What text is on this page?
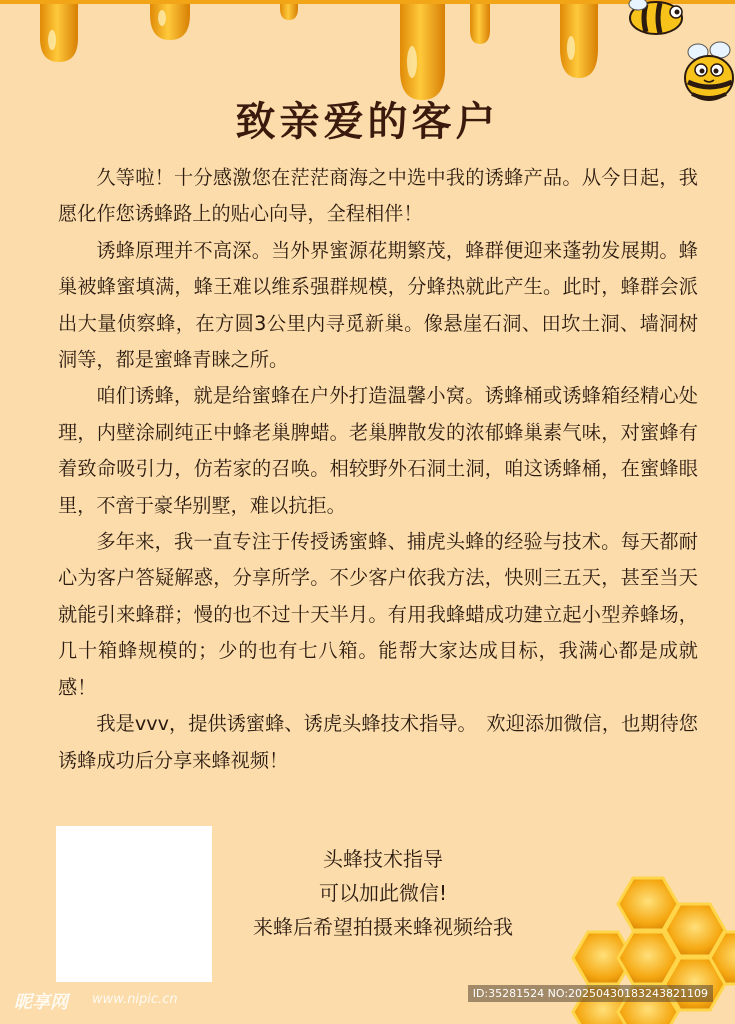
致亲爱的客户

久等啦！十分感激您在茫茫商海之中选中我的诱蜂产品。从今日起，我愿化作您诱蜂路上的贴心向导，全程相伴！

诱蜂原理并不高深。当外界蜜源花期繁茂，蜂群便迎来蓬勃发展期。蜂巢被蜂蜜填满，蜂王难以维系强群规模，分蜂热就此产生。此时，蜂群会派出大量侦察蜂，在方圆3公里内寻觅新巢。像悬崖石洞、田坎土洞、墙洞树洞等，都是蜜蜂青睐之所。

咱们诱蜂，就是给蜜蜂在户外打造温馨小窝。诱蜂桶或诱蜂箱经精心处理，内壁涂刷纯正中蜂老巢脾蜡。老巢脾散发的浓郁蜂巢素气味，对蜜蜂有着致命吸引力，仿若家的召唤。相较野外石洞土洞，咱这诱蜂桶，在蜜蜂眼里，不啻于豪华别墅，难以抗拒。

多年来，我一直专注于传授诱蜜蜂、捕虎头蜂的经验与技术。每天都耐心为客户答疑解惑，分享所学。不少客户依我方法，快则三五天，甚至当天就能引来蜂群；慢的也不过十天半月。有用我蜂蜡成功建立起小型养蜂场，几十箱蜂规模的；少的也有七八箱。能帮大家达成目标，我满心都是成就感！

我是vvv，提供诱蜜蜂、诱虎头蜂技术指导。　欢迎添加微信，也期待您诱蜂成功后分享来蜂视频！

头蜂技术指导
可以加此微信!
来蜂后希望拍摄来蜂视频给我
昵享网 www.nipic.cn	ID:35281524 NO:20250430183243821109
